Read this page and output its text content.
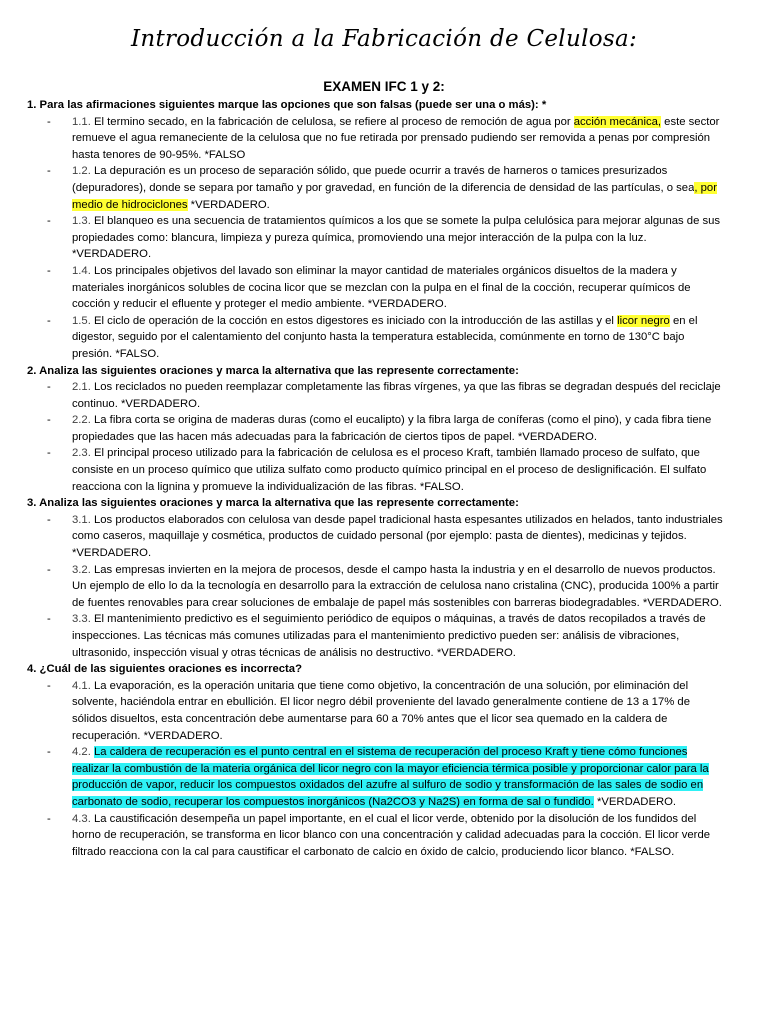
Introducción a la Fabricación de Celulosa:
EXAMEN IFC 1 y 2:

1. Para las afirmaciones siguientes marque las opciones que son falsas (puede ser una o más): *

- 1.1. El termino secado, en la fabricación de celulosa, se refiere al proceso de remoción de agua por acción mecánica, este sector remueve el agua remaneciente de la celulosa que no fue retirada por prensado pudiendo ser removida a penas por compresión hasta tenores de 90-95%. *FALSO
- 1.2. La depuración es un proceso de separación sólido, que puede ocurrir a través de harneros o tamices presurizados (depuradores), donde se separa por tamaño y por gravedad, en función de la diferencia de densidad de las partículas, o sea, por medio de hidrociclones *VERDADERO.
- 1.3. El blanqueo es una secuencia de tratamientos químicos a los que se somete la pulpa celulósica para mejorar algunas de sus propiedades como: blancura, limpieza y pureza química, promoviendo una mejor interacción de la pulpa con la luz. *VERDADERO.
- 1.4. Los principales objetivos del lavado son eliminar la mayor cantidad de materiales orgánicos disueltos de la madera y materiales inorgánicos solubles de cocina licor que se mezclan con la pulpa en el final de la cocción, recuperar químicos de cocción y reducir el efluente y proteger el medio ambiente. *VERDADERO.
- 1.5. El ciclo de operación de la cocción en estos digestores es iniciado con la introducción de las astillas y el licor negro en el digestor, seguido por el calentamiento del conjunto hasta la temperatura establecida, comúnmente en torno de 130°C bajo presión. *FALSO.

2. Analiza las siguientes oraciones y marca la alternativa que las represente correctamente:

- 2.1. Los reciclados no pueden reemplazar completamente las fibras vírgenes, ya que las fibras se degradan después del reciclaje continuo. *VERDADERO.
- 2.2. La fibra corta se origina de maderas duras (como el eucalipto) y la fibra larga de coníferas (como el pino), y cada fibra tiene propiedades que las hacen más adecuadas para la fabricación de ciertos tipos de papel. *VERDADERO.
- 2.3. El principal proceso utilizado para la fabricación de celulosa es el proceso Kraft, también llamado proceso de sulfato, que consiste en un proceso químico que utiliza sulfato como producto químico principal en el proceso de deslignificación. El sulfato reacciona con la lignina y promueve la individualización de las fibras. *FALSO.

3. Analiza las siguientes oraciones y marca la alternativa que las represente correctamente:

- 3.1. Los productos elaborados con celulosa van desde papel tradicional hasta espesantes utilizados en helados, tanto industriales como caseros, maquillaje y cosmética, productos de cuidado personal (por ejemplo: pasta de dientes), medicinas y tejidos. *VERDADERO.
- 3.2. Las empresas invierten en la mejora de procesos, desde el campo hasta la industria y en el desarrollo de nuevos productos. Un ejemplo de ello lo da la tecnología en desarrollo para la extracción de celulosa nano cristalina (CNC), producida 100% a partir de fuentes renovables para crear soluciones de embalaje de papel más sostenibles con barreras biodegradables. *VERDADERO.
- 3.3. El mantenimiento predictivo es el seguimiento periódico de equipos o máquinas, a través de datos recopilados a través de inspecciones. Las técnicas más comunes utilizadas para el mantenimiento predictivo pueden ser: análisis de vibraciones, ultrasonido, inspección visual y otras técnicas de análisis no destructivo. *VERDADERO.

4. ¿Cuál de las siguientes oraciones es incorrecta?

- 4.1. La evaporación, es la operación unitaria que tiene como objetivo, la concentración de una solución, por eliminación del solvente, haciéndola entrar en ebullición. El licor negro débil proveniente del lavado generalmente contiene de 13 a 17% de sólidos disueltos, esta concentración debe aumentarse para 60 a 70% antes que el licor sea quemado en la caldera de recuperación. *VERDADERO.
- 4.2. La caldera de recuperación es el punto central en el sistema de recuperación del proceso Kraft y tiene cómo funciones realizar la combustión de la materia orgánica del licor negro con la mayor eficiencia térmica posible y proporcionar calor para la producción de vapor, reducir los compuestos oxidados del azufre al sulfuro de sodio y transformación de las sales de sodio en carbonato de sodio, recuperar los compuestos inorgánicos (Na2CO3 y Na2S) en forma de sal o fundido. *VERDADERO.
- 4.3. La caustificación desempeña un papel importante, en el cual el licor verde, obtenido por la disolución de los fundidos del horno de recuperación, se transforma en licor blanco con una concentración y calidad adecuadas para la cocción. El licor verde filtrado reacciona con la cal para caustificar el carbonato de calcio en óxido de calcio, produciendo licor blanco. *FALSO.
